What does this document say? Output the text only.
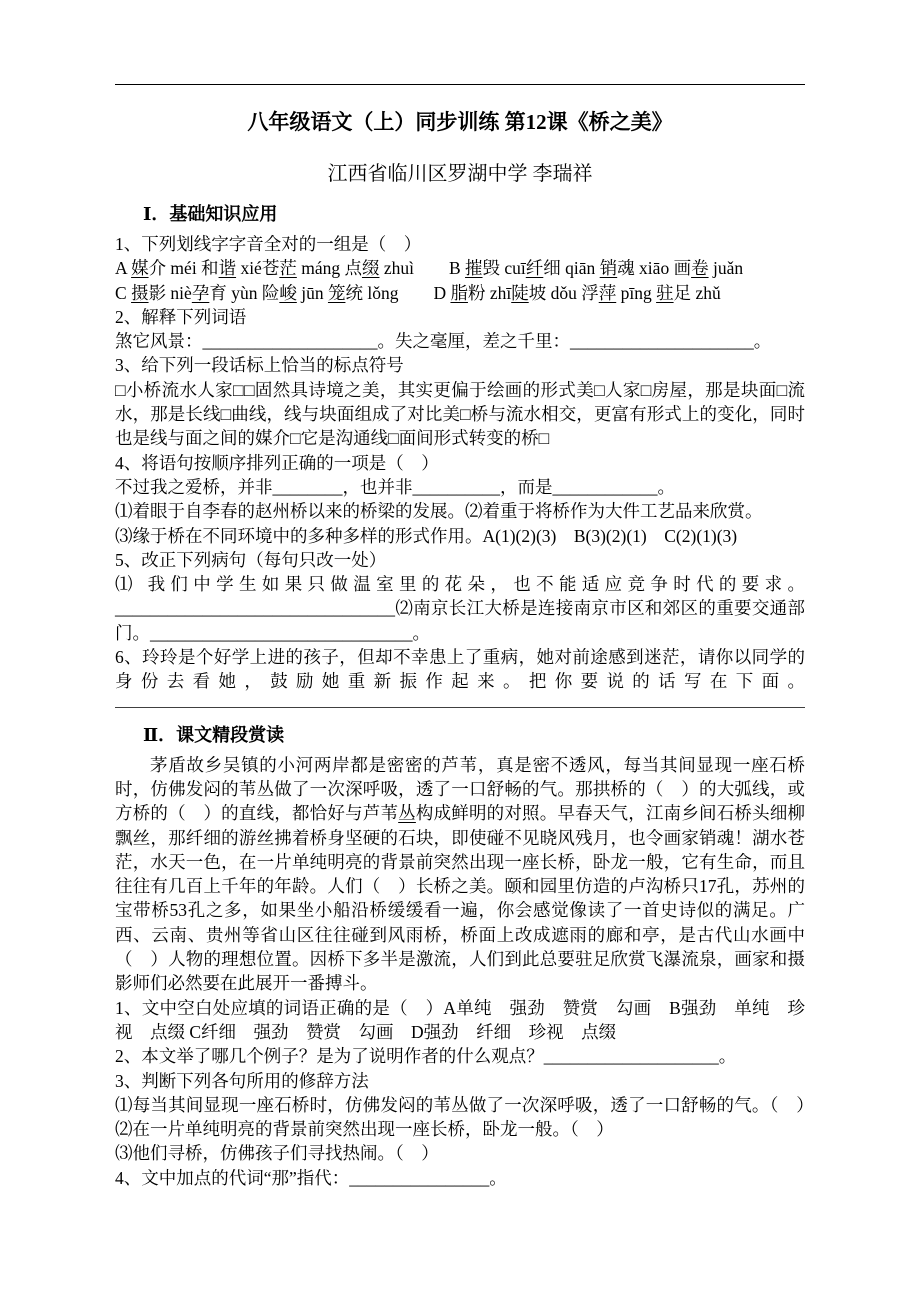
八年级语文（上）同步训练 第12课《桥之美》

江西省临川区罗湖中学 李瑞祥

Ⅰ．基础知识应用

1、下列划线字字音全对的一组是（　）

A 媒介 méi 和谐 xié苍茫 máng 点缀 zhuì　　B 摧毁 cuī纤细 qiān 销魂 xiāo 画卷 juǎn

C 摄影 niè孕育 yùn 险峻 jūn 笼统 lǒng　　D 脂粉 zhī陡坡 dǒu 浮萍 pīng 驻足 zhǔ

2、解释下列词语

煞它风景：____________________。失之毫厘，差之千里：_____________________。

3、给下列一段话标上恰当的标点符号

□小桥流水人家□□固然具诗境之美，其实更偏于绘画的形式美□人家□房屋，那是块面□流水，那是长线□曲线，线与块面组成了对比美□桥与流水相交，更富有形式上的变化，同时也是线与面之间的媒介□它是沟通线□面间形式转变的桥□

4、将语句按顺序排列正确的一项是（　）

不过我之爱桥，并非________，也并非__________，而是____________。

⑴着眼于自李春的赵州桥以来的桥梁的发展。⑵着重于将桥作为大件工艺品来欣赏。

⑶缘于桥在不同环境中的多种多样的形式作用。A(1)(2)(3)　B(3)(2)(1)　C(2)(1)(3)

5、改正下列病句（每句只改一处）

⑴ 我们中学生如果只做温室里的花朵，也不能适应竞争时代的要求。

________________________________⑵南京长江大桥是连接南京市区和郊区的重要交通部门。______________________________。

6、玲玲是个好学上进的孩子，但却不幸患上了重病，她对前途感到迷茫，请你以同学的身份去看她，鼓励她重新振作起来。把你要说的话写在下面。

Ⅱ．课文精段赏读

茅盾故乡吴镇的小河两岸都是密密的芦苇，真是密不透风，每当其间显现一座石桥时，仿佛发闷的苇丛做了一次深呼吸，透了一口舒畅的气。那拱桥的（　）的大弧线，或方桥的（　）的直线，都恰好与芦苇丛构成鲜明的对照。早春天气，江南乡间石桥头细柳飘丝，那纤细的游丝拂着桥身坚硬的石块，即使碰不见晓风残月，也令画家销魂！湖水苍茫，水天一色，在一片单纯明亮的背景前突然出现一座长桥，卧龙一般，它有生命，而且往往有几百上千年的年龄。人们（　）长桥之美。颐和园里仿造的卢沟桥只17孔，苏州的宝带桥53孔之多，如果坐小船沿桥缓缓看一遍，你会感觉像读了一首史诗似的满足。广西、云南、贵州等省山区往往碰到风雨桥，桥面上改成遮雨的廊和亭，是古代山水画中（　）人物的理想位置。因桥下多半是激流，人们到此总要驻足欣赏飞瀑流泉，画家和摄影师们必然要在此展开一番搏斗。

1、文中空白处应填的词语正确的是（　）A单纯　强劲　赞赏　勾画　B强劲　单纯　珍视　点缀 C纤细　强劲　赞赏　勾画　D强劲　纤细　珍视　点缀

2、本文举了哪几个例子？是为了说明作者的什么观点？____________________。

3、判断下列各句所用的修辞方法

⑴每当其间显现一座石桥时，仿佛发闷的苇丛做了一次深呼吸，透了一口舒畅的气。（　）⑵在一片单纯明亮的背景前突然出现一座长桥，卧龙一般。（　）

⑶他们寻桥，仿佛孩子们寻找热闹。（　）

4、文中加点的代词“那”指代：________________。
